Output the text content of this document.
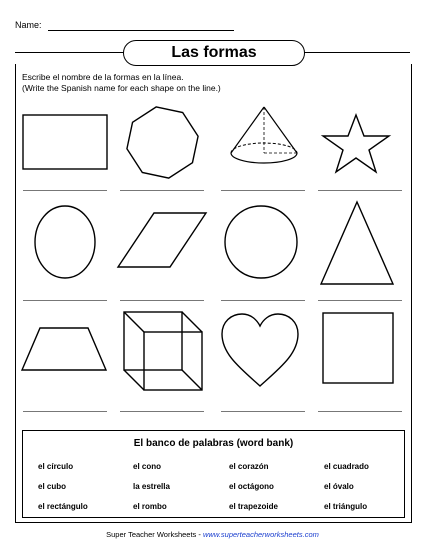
Name:
Las formas
Escribe el nombre de la formas en la línea.
(Write the Spanish name for each shape on the line.)
El banco de palabras (word bank)
el círculo	el cono	el corazón	el cuadrado
el cubo	la estrella	el octágono	el óvalo
el rectángulo	el rombo	el trapezoide	el triángulo
Super Teacher Worksheets - www.superteacherworksheets.com
